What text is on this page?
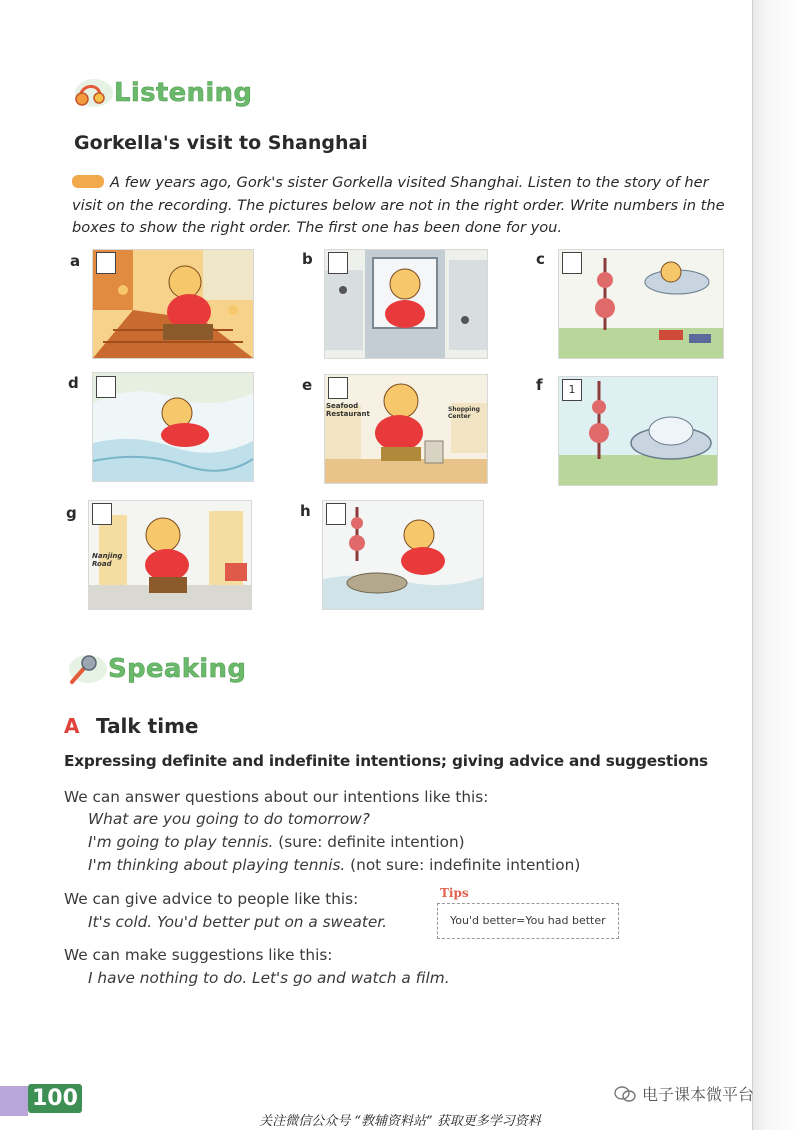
Listening
Gorkella's visit to Shanghai
A few years ago, Gork's sister Gorkella visited Shanghai. Listen to the story of her visit on the recording. The pictures below are not in the right order. Write numbers in the boxes to show the right order. The first one has been done for you.
a	b	c
d	e
Seafood Restaurant
Shopping Center
f	1
g
Nanjing Road
h
Speaking
A Talk time
Expressing definite and indefinite intentions; giving advice and suggestions
We can answer questions about our intentions like this:
What are you going to do tomorrow?
I'm going to play tennis. (sure: definite intention)
I'm thinking about playing tennis. (not sure: indefinite intention)
We can give advice to people like this:
It's cold. You'd better put on a sweater.
Tips
You'd better=You had better
We can make suggestions like this:
I have nothing to do. Let's go and watch a film.
100	电子课本微平台
关注微信公众号 “教辅资料站” 获取更多学习资料
